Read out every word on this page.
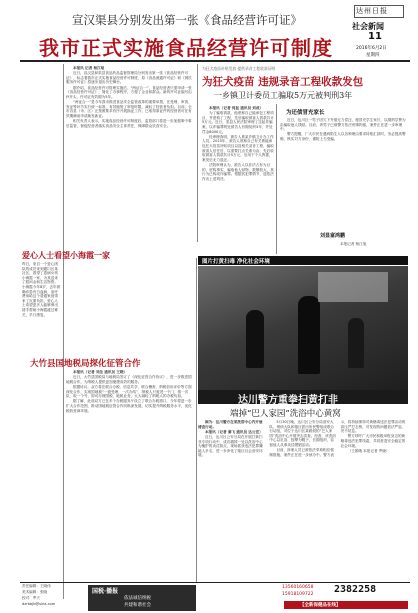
宣汉渠县分别发出第一张《食品经营许可证》
我市正式实施食品经营许可制度
达州日报
社会新闻
11
2016年6月2日
星期四
爱心人士看望小海霞一家
昨日，来自一个爱心团队的成员来到通川区某社区，看望了患病女孩小海霞一家，为其送来了慰问金和生活物资。小海霞今年8岁，去年被确诊患有白血病，治疗费用给这个普通家庭带来了沉重负担，爱心人士希望更多人能够伸出援手帮助小海霞渡过难关，早日康复。

本报讯 记者 杨江旭

近日，宣汉县和渠县食品药品监督管理局分别发出第一张《食品经营许可证》，标志着我市正式实施食品经营许可制度，原《食品流通许可证》和《餐饮服务许可证》将逐步退出历史舞台。

据介绍，食品经营许可管理实施后，“两证合一”，食品经营者只需申请一张《食品经营许可证》，简化了办事程序，方便了企业和群众。新的许可证编号由JY开头，许可证有效期为5年。

“两证合一”是今年我市推进食品安全监管改革的重要举措，在受理、审查、发证等环节实行统一标准，有效缩短了审批时限，减轻了经营者负担。目前，全市各县（市、区）正按照要求有序开展换证工作，已取得原证件的经营者可在有效期满前申请换发新证。

相关负责人表示，实施食品经营许可制度后，监管部门将进一步加强事中事后监管，督促经营者落实食品安全主体责任，保障群众饮食安全。

为狂犬疫苗补贴发放 提供录音工程收款证明
为狂犬疫苗 违规录音工程收款发包
一乡镇卫计委员工骗取5万元被判刑3年

本报讯（记者 何显 通讯员 刘成）

为了骗取钱款，他谎称自己能承包工程项目，并虚构了工程，先后骗取被害人钱款共计5万元。近日，渠县人民法院审理了这起诈骗案，以诈骗罪判处被告人有期徒刑3年，并处罚金8000元。

经审理查明，被告人系某乡镇卫计办工作人员。2015年，被告人谎称自己有关系能承包狂犬疫苗补贴项目以及相关录音工程，骗取被害人信任后，以需要打点关系为由，先后收取被害人钱款共计5万元，后用于个人挥霍，案发后无力退还。

法院审理认为，被告人以非法占有为目的，虚构事实，骗取他人财物，数额较大，其行为已构成诈骗罪。根据其犯罪情节，遂依法作出上述判决。

为还债冒充家长

近日，达川区一男子因欠下外债无力偿还，便冒充学生家长，以缴纳学费为由骗取他人钱财。目前，该男子已被警方依法刑事拘留，案件正在进一步审理中。

警方提醒，广大市民在遇到陌生人以各种理由要求转账汇款时，务必提高警惕，核实对方身份，谨防上当受骗。

刘显富鸿鹏
本报记者 杨江旭
图片打黄扫毒 净化社会环境
达川警方重拳扫黄打非
端掉“巴人家园”洗浴中心黄窝

图为：达川警方在某洗浴中心内开展清查行动。

本报讯（记者 秦飞 通讯员 达公宣）

近日，达川区公安分局在开展打黄扫非专项行动中，成功端掉一处以洗浴中心为掩护的卖淫窝点，现场抓获违法犯罪嫌疑人多名，进一步净化了辖区社会治安环境。

5月30日晚，达川区公安分局治安大队、刑侦大队和辖区派出所民警组成联合行动组，对位于达川区某路段的“巴人家园”洗浴中心开展突击清查。经查，该洗浴中心以足浴、按摩为幌子，长期组织、容留他人从事卖淫嫖娼活动。

目前，涉案人员已被依法采取相应强制措施，案件正在进一步侦办中。警方表示，将持续保持对黄赌毒违法犯罪活动的高压严打态势，对发现的问题依法严惩，决不姑息。

警方呼吁广大市民积极举报身边的黄赌毒违法犯罪线索，共同营造安全稳定的社会环境。

（王娟娥 本报记者 罗晓）

大竹县国地税局探化征管合作

本报讯（记者 刘念 通讯员 王晓）

近日，大竹县国税局与地税局签订了《深化征管合作协议》，进一步推进国地税合作，为纳税人提供更加便捷高效的服务。

根据协议，双方将在联合办税、信息共享、联合稽查、纳税信用评价等方面深化合作，实现国地税“一窗受理、一次办结”，纳税人只需进一个门、排一次队、取一个号，即可办理国税、地税业务，大大减轻了纳税人的办税负担。

据了解，此前双方已在多个办税服务厅设立了联合办税窗口，今年将进一步扩大合作范围，推动国地税征管合作向纵深发展，切实提升纳税服务水平，优化税收营商环境。

责任编辑：王晓伟
美术编辑：张晓
校对：罗天
dzrbbjb@sina.com
国税·播报
依法诚信纳税
共建和谐社会
2382258
13560160658
15918109722
【全新保健品在线】
